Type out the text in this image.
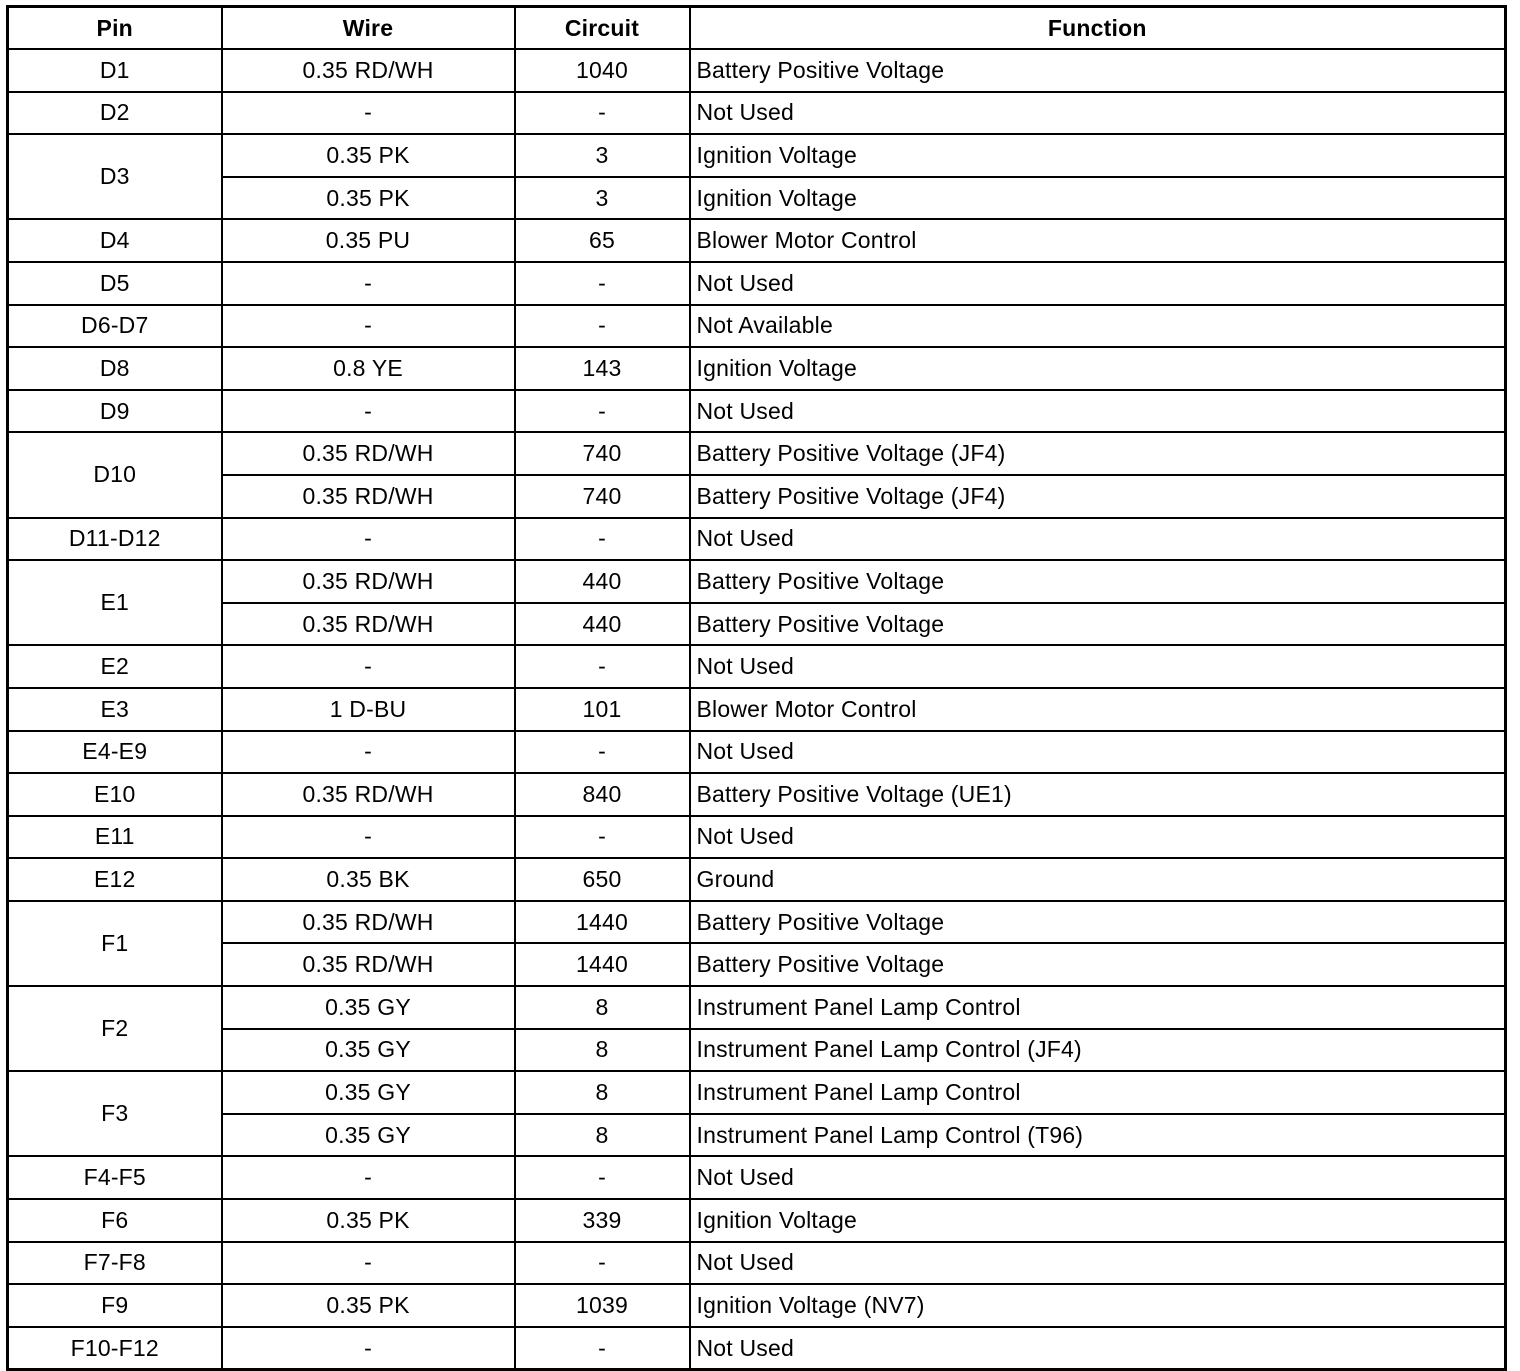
Pin	Wire	Circuit	Function
D1	0.35 RD/WH	1040	Battery Positive Voltage
D2	-	-	Not Used
D3	0.35 PK	3	Ignition Voltage
	0.35 PK	3	Ignition Voltage
D4	0.35 PU	65	Blower Motor Control
D5	-	-	Not Used
D6-D7	-	-	Not Available
D8	0.8 YE	143	Ignition Voltage
D9	-	-	Not Used
D10	0.35 RD/WH	740	Battery Positive Voltage (JF4)
	0.35 RD/WH	740	Battery Positive Voltage (JF4)
D11-D12	-	-	Not Used
E1	0.35 RD/WH	440	Battery Positive Voltage
	0.35 RD/WH	440	Battery Positive Voltage
E2	-	-	Not Used
E3	1 D-BU	101	Blower Motor Control
E4-E9	-	-	Not Used
E10	0.35 RD/WH	840	Battery Positive Voltage (UE1)
E11	-	-	Not Used
E12	0.35 BK	650	Ground
F1	0.35 RD/WH	1440	Battery Positive Voltage
	0.35 RD/WH	1440	Battery Positive Voltage
F2	0.35 GY	8	Instrument Panel Lamp Control
	0.35 GY	8	Instrument Panel Lamp Control (JF4)
F3	0.35 GY	8	Instrument Panel Lamp Control
	0.35 GY	8	Instrument Panel Lamp Control (T96)
F4-F5	-	-	Not Used
F6	0.35 PK	339	Ignition Voltage
F7-F8	-	-	Not Used
F9	0.35 PK	1039	Ignition Voltage (NV7)
F10-F12	-	-	Not Used
